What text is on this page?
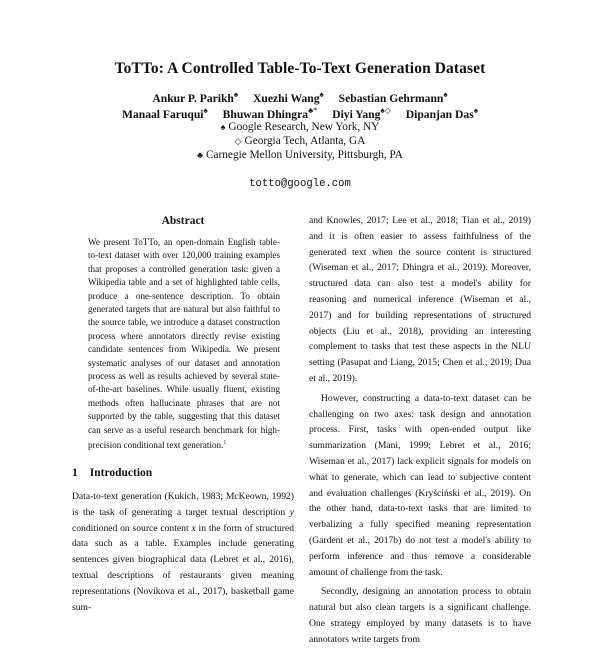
ToTTo: A Controlled Table-To-Text Generation Dataset
Ankur P. Parikh♠ Xuezhi Wang♠ Sebastian Gehrmann♠
Manaal Faruqui♠ Bhuwan Dhingra♣* Diyi Yang♠◇ Dipanjan Das♠
♠ Google Research, New York, NY
◇ Georgia Tech, Atlanta, GA
♣ Carnegie Mellon University, Pittsburgh, PA
totto@google.com
Abstract
We present ToTTo, an open-domain English table-to-text dataset with over 120,000 training examples that proposes a controlled generation task: given a Wikipedia table and a set of highlighted table cells, produce a one-sentence description. To obtain generated targets that are natural but also faithful to the source table, we introduce a dataset construction process where annotators directly revise existing candidate sentences from Wikipedia. We present systematic analyses of our dataset and annotation process as well as results achieved by several state-of-the-art baselines. While usually fluent, existing methods often hallucinate phrases that are not supported by the table, suggesting that this dataset can serve as a useful research benchmark for high-precision conditional text generation.$^1$
1 Introduction

Data-to-text generation (Kukich, 1983; McKeown, 1992) is the task of generating a target textual description y conditioned on source content x in the form of structured data such as a table. Examples include generating sentences given biographical data (Lebret et al., 2016), textual descriptions of restaurants given meaning representations (Novikova et al., 2017), basketball game sum-

and Knowles, 2017; Lee et al., 2018; Tian et al., 2019) and it is often easier to assess faithfulness of the generated text when the source content is structured (Wiseman et al., 2017; Dhingra et al., 2019). Moreover, structured data can also test a model's ability for reasoning and numerical inference (Wiseman et al., 2017) and for building representations of structured objects (Liu et al., 2018), providing an interesting complement to tasks that test these aspects in the NLU setting (Pasupat and Liang, 2015; Chen et al., 2019; Dua et al., 2019).

However, constructing a data-to-text dataset can be challenging on two axes: task design and annotation process. First, tasks with open-ended output like summarization (Mani, 1999; Lebret et al., 2016; Wiseman et al., 2017) lack explicit signals for models on what to generate, which can lead to subjective content and evaluation challenges (Kryściński et al., 2019). On the other hand, data-to-text tasks that are limited to verbalizing a fully specified meaning representation (Gardent et al., 2017b) do not test a model's ability to perform inference and thus remove a considerable amount of challenge from the task.

Secondly, designing an annotation process to obtain natural but also clean targets is a significant challenge. One strategy employed by many datasets is to have annotators write targets from
